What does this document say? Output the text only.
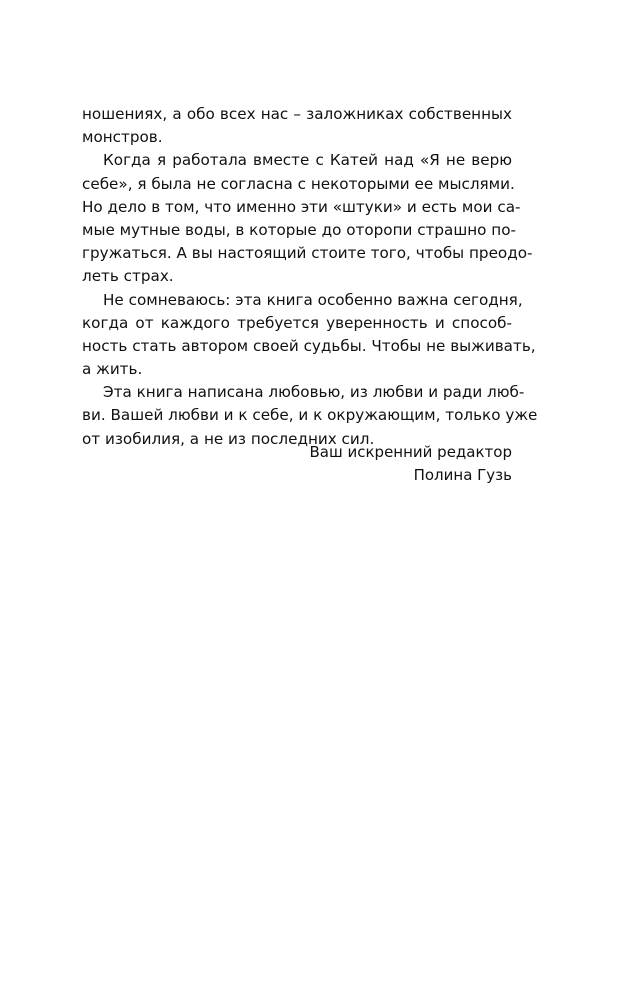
ношениях, а обо всех нас – заложниках собственных
монстров.
Когда я работала вместе с Катей над «Я не верю
себе», я была не согласна с некоторыми ее мыслями.
Но дело в том, что именно эти «штуки» и есть мои са-
мые мутные воды, в которые до оторопи страшно по-
гружаться. А вы настоящий стоите того, чтобы преодо-
леть страх.
Не сомневаюсь: эта книга особенно важна сегодня,
когда от каждого требуется уверенность и способ-
ность стать автором своей судьбы. Чтобы не выживать,
а жить.
Эта книга написана любовью, из любви и ради люб-
ви. Вашей любви и к себе, и к окружающим, только уже
от изобилия, а не из последних сил.
Ваш искренний редактор
Полина Гузь
